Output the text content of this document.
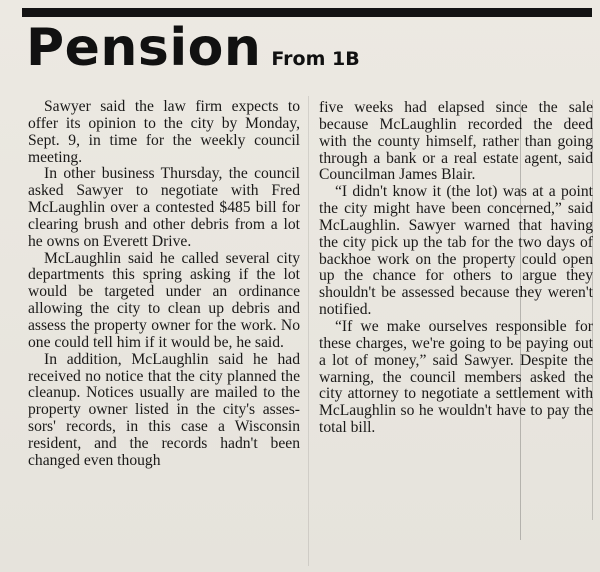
Pension From 1B

Sawyer said the law firm expects to offer its opinion to the city by Monday, Sept. 9, in time for the weekly council meeting.

In other business Thursday, the council asked Sawyer to negotiate with Fred McLaughlin over a contested $485 bill for clearing brush and other debris from a lot he owns on Everett Drive.

McLaughlin said he called several city departments this spring asking if the lot would be targeted under an ordinance allowing the city to clean up debris and assess the property owner for the work. No one could tell him if it would be, he said.

In addition, McLaughlin said he had received no notice that the city planned the cleanup. Notices usually are mailed to the property owner listed in the city's assessors' records, in this case a Wisconsin resident, and the records hadn't been changed even though

five weeks had elapsed since the sale because McLaughlin recorded the deed with the county himself, rather than going through a bank or a real estate agent, said Councilman James Blair.

“I didn't know it (the lot) was at a point the city might have been concerned,” said McLaughlin. Sawyer warned that having the city pick up the tab for the two days of backhoe work on the property could open up the chance for others to argue they shouldn't be assessed because they weren't notified.

“If we make ourselves responsible for these charges, we're going to be paying out a lot of money,” said Sawyer. Despite the warning, the council members asked the city attorney to negotiate a settlement with McLaughlin so he wouldn't have to pay the total bill.
